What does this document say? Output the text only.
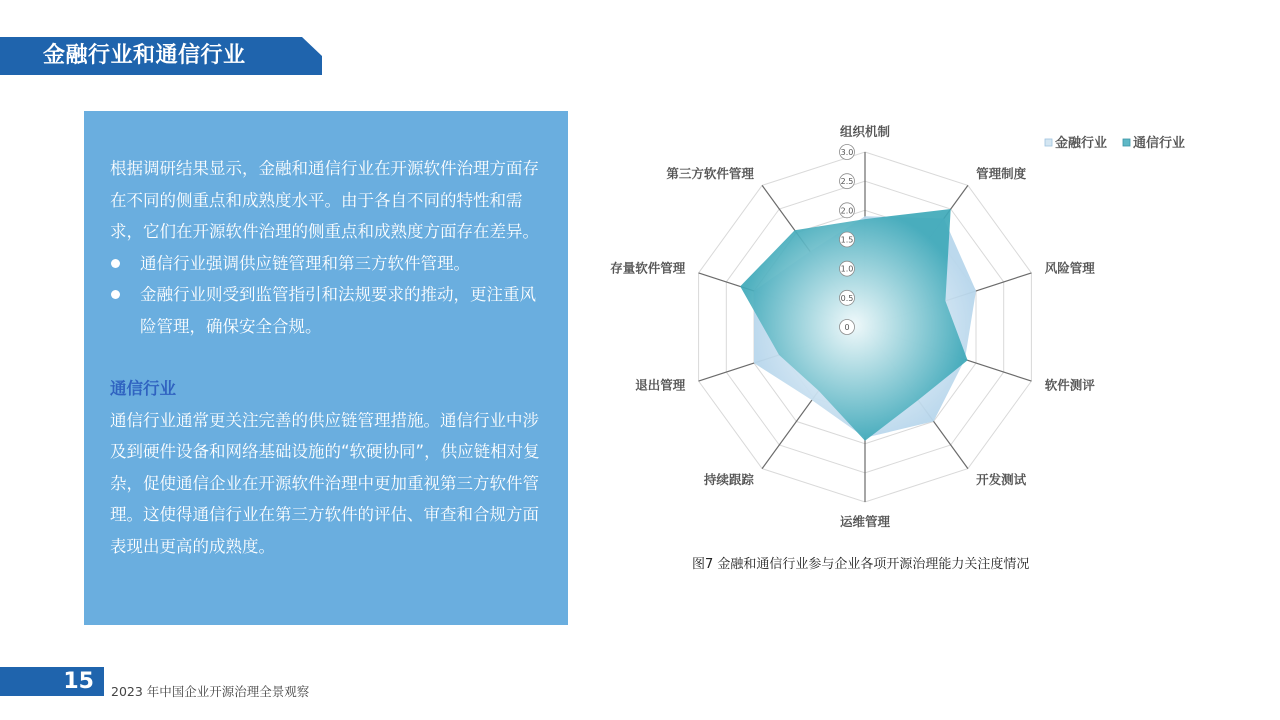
金融行业和通信行业

根据调研结果显示，金融和通信行业在开源软件治理方面存在不同的侧重点和成熟度水平。由于各自不同的特性和需求，它们在开源软件治理的侧重点和成熟度方面存在差异。

通信行业强调供应链管理和第三方软件管理。
金融行业则受到监管指引和法规要求的推动，更注重风险管理，确保安全合规。

通信行业

通信行业通常更关注完善的供应链管理措施。通信行业中涉及到硬件设备和网络基础设施的“软硬协同”，供应链相对复杂，促使通信企业在开源软件治理中更加重视第三方软件管理。这使得通信行业在第三方软件的评估、审查和合规方面表现出更高的成熟度。

0
0.5
1.0
1.5
2.0
2.5
3.0
组织机制
管理制度
风险管理
软件测评
开发测试
运维管理
持续跟踪
退出管理
存量软件管理
第三方软件管理
金融行业 通信行业
图7 金融和通信行业参与企业各项开源治理能力关注度情况
15 2023 年中国企业开源治理全景观察
